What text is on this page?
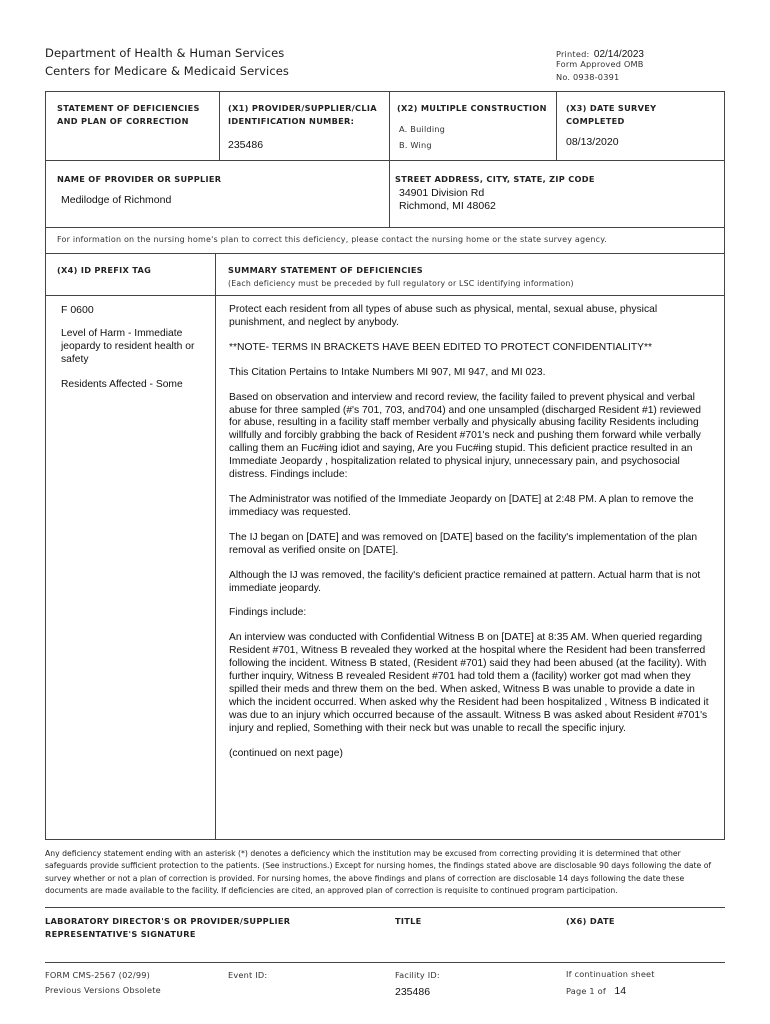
Department of Health & Human Services
Centers for Medicare & Medicaid Services
Printed: 02/14/2023
Form Approved OMB
No. 0938-0391
STATEMENT OF DEFICIENCIES
AND PLAN OF CORRECTION
(X1) PROVIDER/SUPPLIER/CLIA
IDENTIFICATION NUMBER:
235486
(X2) MULTIPLE CONSTRUCTION
A. Building
B. Wing
(X3) DATE SURVEY
COMPLETED
08/13/2020
NAME OF PROVIDER OR SUPPLIER
Medilodge of Richmond
STREET ADDRESS, CITY, STATE, ZIP CODE
34901 Division Rd
Richmond, MI 48062
For information on the nursing home's plan to correct this deficiency, please contact the nursing home or the state survey agency.
(X4) ID PREFIX TAG	SUMMARY STATEMENT OF DEFICIENCIES
(Each deficiency must be preceded by full regulatory or LSC identifying information)
F 0600
Level of Harm - Immediate jeopardy to resident health or safety
Residents Affected - Some

Protect each resident from all types of abuse such as physical, mental, sexual abuse, physical punishment, and neglect by anybody.

**NOTE- TERMS IN BRACKETS HAVE BEEN EDITED TO PROTECT CONFIDENTIALITY**

This Citation Pertains to Intake Numbers MI 907, MI 947, and MI 023.

Based on observation and interview and record review, the facility failed to prevent physical and verbal abuse for three sampled (#'s 701, 703, and704) and one unsampled (discharged Resident #1) reviewed for abuse, resulting in a facility staff member verbally and physically abusing facility Residents including willfully and forcibly grabbing the back of Resident #701's neck and pushing them forward while verbally calling them an Fuc#ing idiot and saying, Are you Fuc#ing stupid. This deficient practice resulted in an Immediate Jeopardy , hospitalization related to physical injury, unnecessary pain, and psychosocial distress. Findings include:

The Administrator was notified of the Immediate Jeopardy on [DATE] at 2:48 PM. A plan to remove the immediacy was requested.

The IJ began on [DATE] and was removed on [DATE] based on the facility's implementation of the plan removal as verified onsite on [DATE].

Although the IJ was removed, the facility's deficient practice remained at pattern. Actual harm that is not immediate jeopardy.

Findings include:

An interview was conducted with Confidential Witness B on [DATE] at 8:35 AM. When queried regarding Resident #701, Witness B revealed they worked at the hospital where the Resident had been transferred following the incident. Witness B stated, (Resident #701) said they had been abused (at the facility). With further inquiry, Witness B revealed Resident #701 had told them a (facility) worker got mad when they spilled their meds and threw them on the bed. When asked, Witness B was unable to provide a date in which the incident occurred. When asked why the Resident had been hospitalized , Witness B indicated it was due to an injury which occurred because of the assault. Witness B was asked about Resident #701's injury and replied, Something with their neck but was unable to recall the specific injury.

(continued on next page)

Any deficiency statement ending with an asterisk (*) denotes a deficiency which the institution may be excused from correcting providing it is determined that other safeguards provide sufficient protection to the patients. (See instructions.) Except for nursing homes, the findings stated above are disclosable 90 days following the date of survey whether or not a plan of correction is provided. For nursing homes, the above findings and plans of correction are disclosable 14 days following the date these documents are made available to the facility. If deficiencies are cited, an approved plan of correction is requisite to continued program participation.
LABORATORY DIRECTOR'S OR PROVIDER/SUPPLIER
REPRESENTATIVE'S SIGNATURE
TITLE	(X6) DATE
FORM CMS-2567 (02/99)
Previous Versions Obsolete
Event ID:	Facility ID:
235486
If continuation sheet
Page 1 of 14
